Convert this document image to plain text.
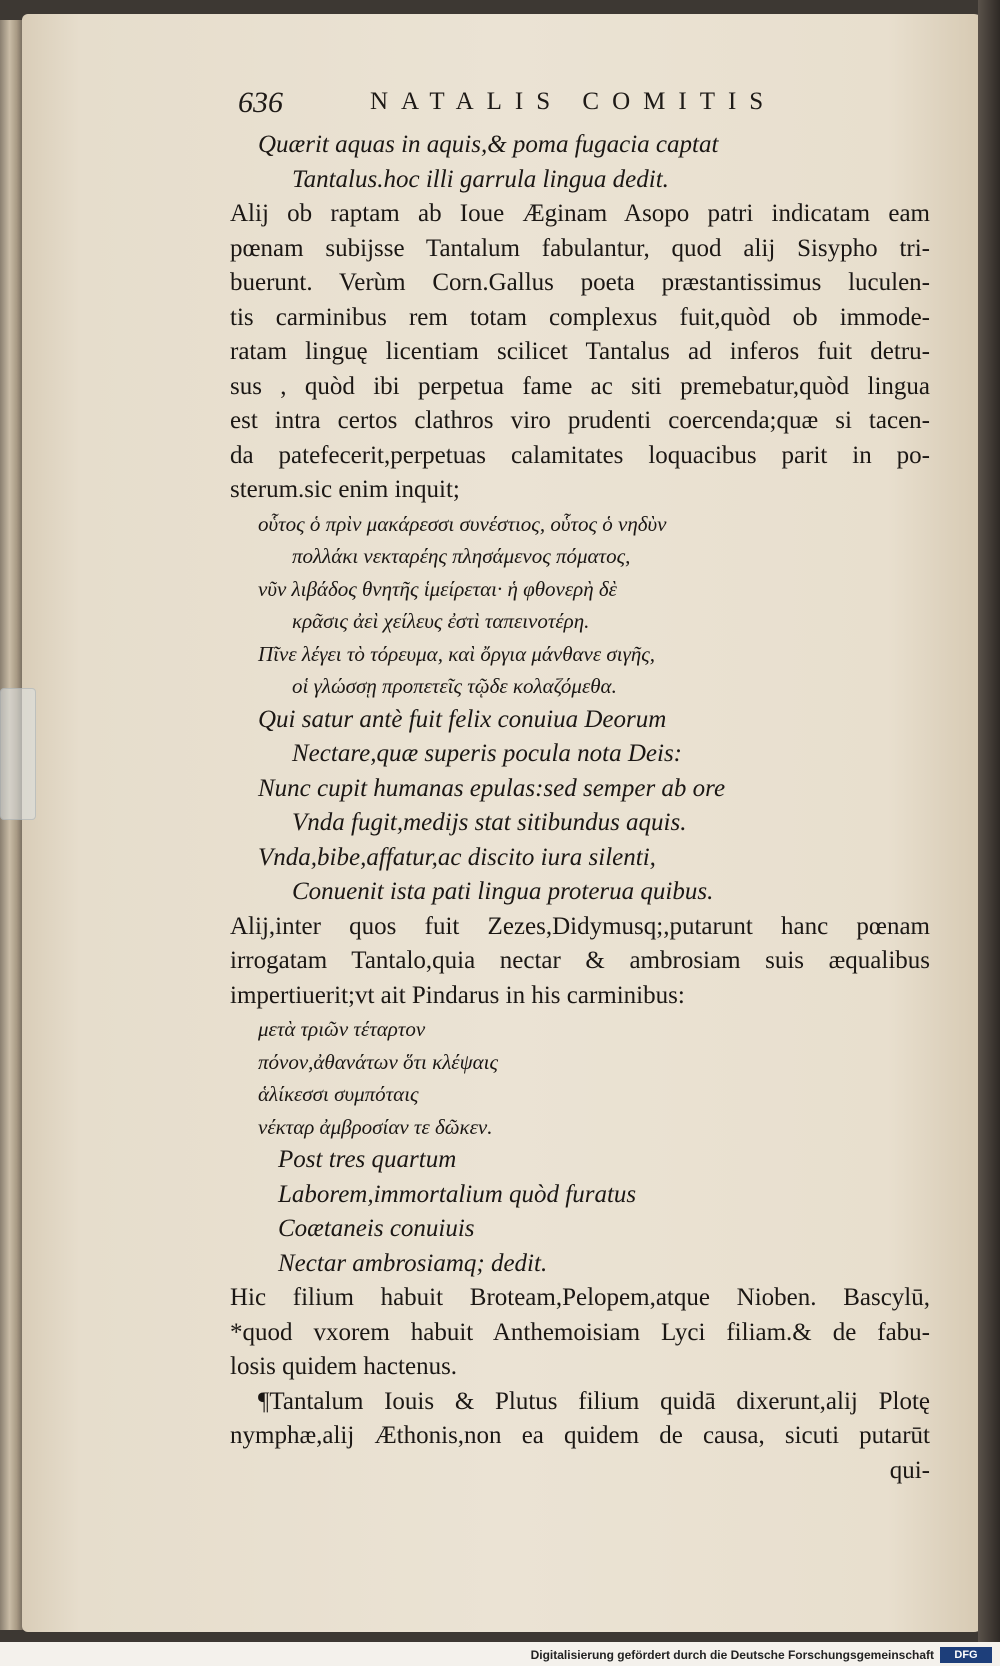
636	NATALIS COMITIS
Quærit aquas in aquis,& poma fugacia captat
Tantalus.hoc illi garrula lingua dedit.
Alij ob raptam ab Ioue Æginam Asopo patri indicatam eam
pœnam subijsse Tantalum fabulantur, quod alij Sisypho tri-
buerunt. Verùm Corn.Gallus poeta præstantissimus luculen-
tis carminibus rem totam complexus fuit,quòd ob immode-
ratam linguę licentiam scilicet Tantalus ad inferos fuit detru-
sus , quòd ibi perpetua fame ac siti premebatur,quòd lingua
est intra certos clathros viro prudenti coercenda;quæ si tacen-
da patefecerit,perpetuas calamitates loquacibus parit in po-
sterum.sic enim inquit;
οὗτος ὁ πρὶν μακάρεσσι συνέστιος, οὗτος ὁ νηδὺν
πολλάκι νεκταρέης πλησάμενος πόματος,
νῦν λιβάδος θνητῆς ἱμείρεται· ἡ φθονερὴ δὲ
κρᾶσις ἀεὶ χείλευς ἐστὶ ταπεινοτέρη.
Πῖνε λέγει τὸ τόρευμα, καὶ ὄργια μάνθανε σιγῆς,
οἱ γλώσσῃ προπετεῖς τῷδε κολαζόμεθα.
Qui satur antè fuit felix conuiua Deorum
Nectare,quæ superis pocula nota Deis:
Nunc cupit humanas epulas:sed semper ab ore
Vnda fugit,medijs stat sitibundus aquis.
Vnda,bibe,affatur,ac discito iura silenti,
Conuenit ista pati lingua proterua quibus.
Alij,inter quos fuit Zezes,Didymusq;,putarunt hanc pœnam
irrogatam Tantalo,quia nectar & ambrosiam suis æqualibus
impertiuerit;vt ait Pindarus in his carminibus:
μετὰ τριῶν τέταρτον
πόνον,ἀθανάτων ὅτι κλέψαις
ἁλίκεσσι συμπόταις
νέκταρ ἀμβροσίαν τε δῶκεν.
Post tres quartum
Laborem,immortalium quòd furatus
Coætaneis conuiuis
Nectar ambrosiamq; dedit.
Hic filium habuit Broteam,Pelopem,atque Nioben. Bascylū,
*quod vxorem habuit Anthemoisiam Lyci filiam.& de fabu-
losis quidem hactenus.
¶Tantalum Iouis & Plutus filium quidā dixerunt,alij Plotę
nymphæ,alij Æthonis,non ea quidem de causa, sicuti putarūt
qui-
Digitalisierung gefördert durch die Deutsche Forschungsgemeinschaft	DFG
